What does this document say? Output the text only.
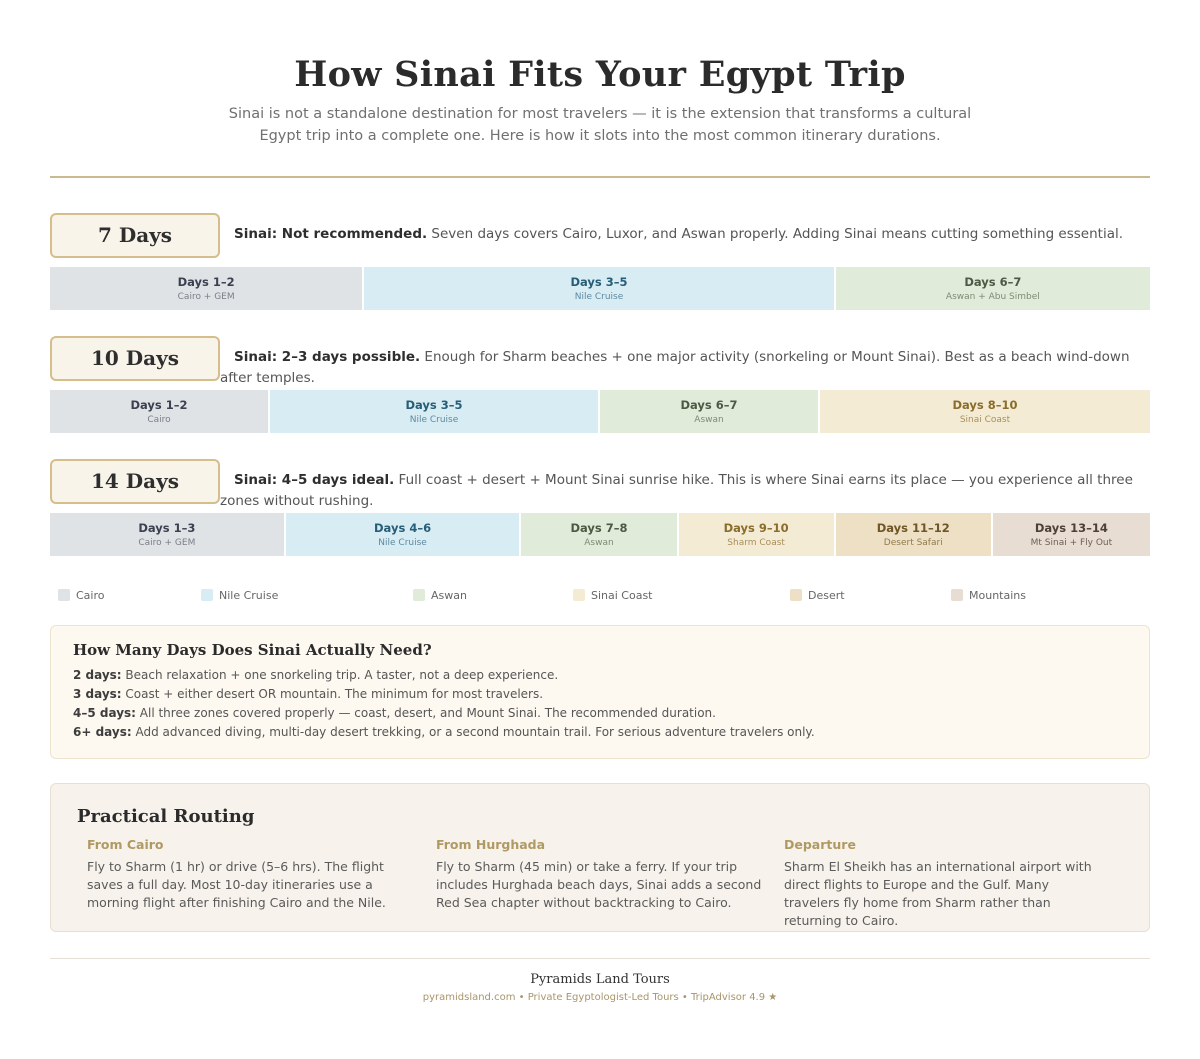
How Sinai Fits Your Egypt Trip

Sinai is not a standalone destination for most travelers — it is the extension that transforms a cultural Egypt trip into a complete one. Here is how it slots into the most common itinerary durations.

7 Days	Sinai: Not recommended. Seven days covers Cairo, Luxor, and Aswan properly. Adding Sinai means cutting something essential.

Days 1–2
Cairo + GEM
Days 3–5
Nile Cruise
Days 6–7
Aswan + Abu Simbel
10 Days	Sinai: 2–3 days possible. Enough for Sharm beaches + one major activity (snorkeling or Mount Sinai). Best as a beach wind-down after temples.

Days 1–2
Cairo
Days 3–5
Nile Cruise
Days 6–7
Aswan
Days 8–10
Sinai Coast
14 Days	Sinai: 4–5 days ideal. Full coast + desert + Mount Sinai sunrise hike. This is where Sinai earns its place — you experience all three zones without rushing.

Days 1–3
Cairo + GEM
Days 4–6
Nile Cruise
Days 7–8
Aswan
Days 9–10
Sharm Coast
Days 11–12
Desert Safari
Days 13–14
Mt Sinai + Fly Out
Cairo	Nile Cruise	Aswan	Sinai Coast	Desert	Mountains
How Many Days Does Sinai Actually Need?
2 days: Beach relaxation + one snorkeling trip. A taster, not a deep experience.
3 days: Coast + either desert OR mountain. The minimum for most travelers.
4–5 days: All three zones covered properly — coast, desert, and Mount Sinai. The recommended duration.
6+ days: Add advanced diving, multi-day desert trekking, or a second mountain trail. For serious adventure travelers only.
Practical Routing
From Cairo
Fly to Sharm (1 hr) or drive (5–6 hrs). The flight saves a full day. Most 10-day itineraries use a morning flight after finishing Cairo and the Nile.
From Hurghada
Fly to Sharm (45 min) or take a ferry. If your trip includes Hurghada beach days, Sinai adds a second Red Sea chapter without backtracking to Cairo.
Departure
Sharm El Sheikh has an international airport with direct flights to Europe and the Gulf. Many travelers fly home from Sharm rather than returning to Cairo.
Pyramids Land Tours
pyramidsland.com • Private Egyptologist-Led Tours • TripAdvisor 4.9 ★
